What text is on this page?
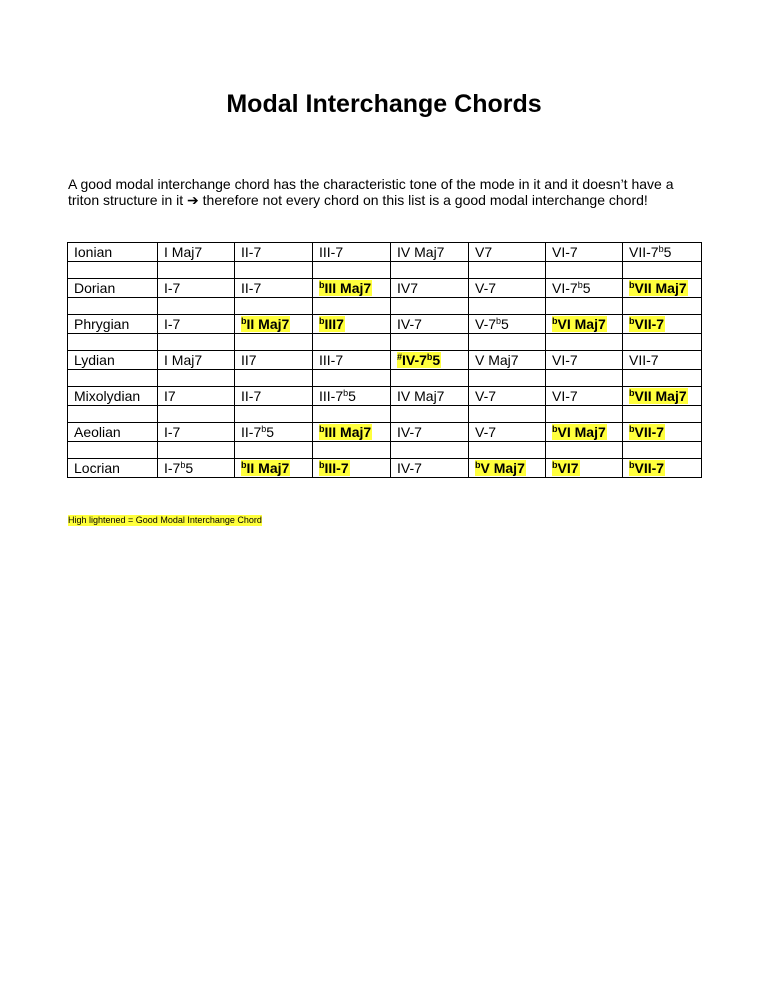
Modal Interchange Chords

A good modal interchange chord has the characteristic tone of the mode in it and it doesn’t have a triton structure in it ➔ therefore not every chord on this list is a good modal interchange chord!

Ionian	I Maj7	II-7	III-7	IV Maj7	V7	VI-7	VII-7$^b$5

Dorian	I-7	II-7	$^b$III Maj7	IV7	V-7	VI-7$^b$5	$^b$VII Maj7

Phrygian	I-7	$^b$II Maj7	$^b$III7	IV-7	V-7$^b$5	$^b$VI Maj7	$^b$VII-7

Lydian	I Maj7	II7	III-7	#IV-7$^b$5	V Maj7	VI-7	VII-7

Mixolydian	I7	II-7	III-7$^b$5	IV Maj7	V-7	VI-7	$^b$VII Maj7

Aeolian	I-7	II-7$^b$5	$^b$III Maj7	IV-7	V-7	$^b$VI Maj7	$^b$VII-7

Locrian	I-7$^b$5	$^b$II Maj7	$^b$III-7	IV-7	$^b$V Maj7	$^b$VI7	$^b$VII-7

High lightened = Good Modal Interchange Chord
